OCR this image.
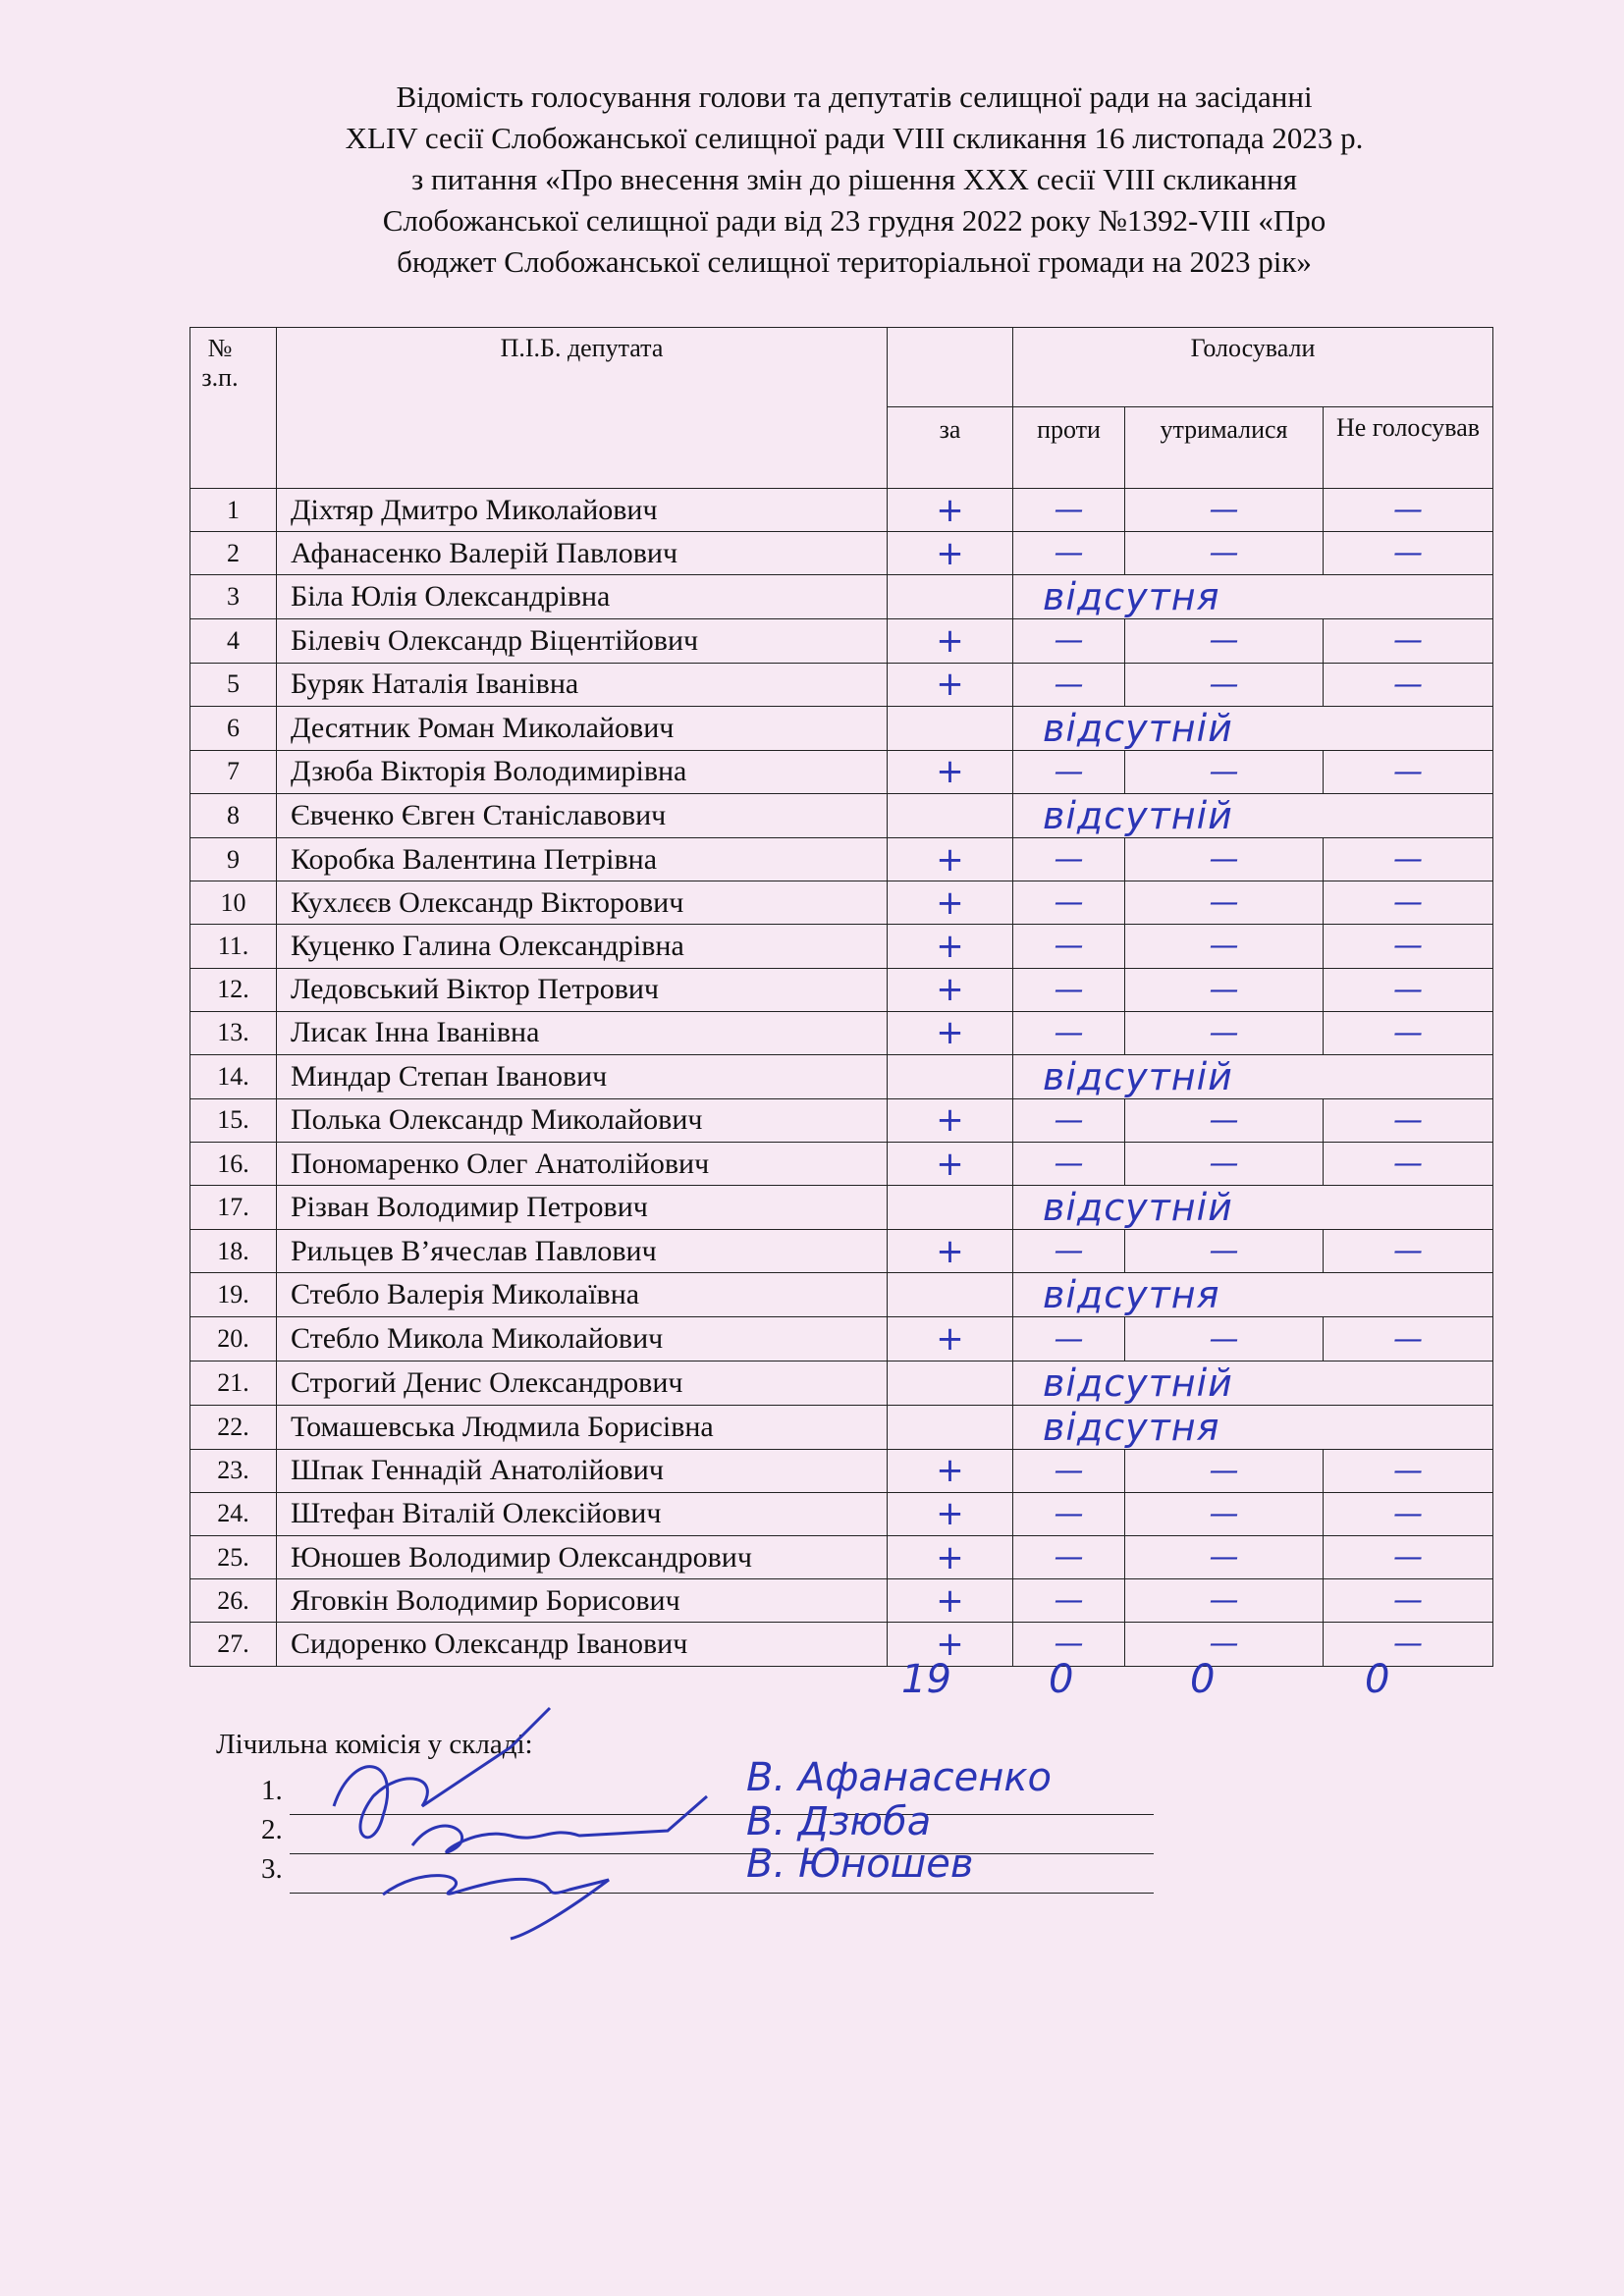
Відомість голосування голови та депутатів селищної ради на засіданні
XLIV сесії Слобожанської селищної ради VIII скликання 16 листопада 2023 р.
з питання «Про внесення змін до рішення XXX сесії VIII скликання
Слобожанської селищної ради від 23 грудня 2022 року №1392-VIII «Про
бюджет Слобожанської селищної територіальної громади на 2023 рік»
№ з.п.	П.І.Б. депутата		Голосували		
		за	проти	утрималися	Не голосував
1	Діхтяр Дмитро Миколайович	+	—	—	—
2	Афанасенко Валерій Павлович	+	—	—	—
3	Біла Юлія Олександрівна		відсутня		
4	Білевіч Олександр Віцентійович	+	—	—	—
5	Буряк Наталія Іванівна	+	—	—	—
6	Десятник Роман Миколайович		відсутній		
7	Дзюба Вікторія Володимирівна	+	—	—	—
8	Євченко Євген Станіславович		відсутній		
9	Коробка Валентина Петрівна	+	—	—	—
10	Кухлєєв Олександр Вікторович	+	—	—	—
11.	Куценко Галина Олександрівна	+	—	—	—
12.	Ледовський Віктор Петрович	+	—	—	—
13.	Лисак Інна Іванівна	+	—	—	—
14.	Миндар Степан Іванович		відсутній		
15.	Полька Олександр Миколайович	+	—	—	—
16.	Пономаренко Олег Анатолійович	+	—	—	—
17.	Різван Володимир Петрович		відсутній		
18.	Рильцев В’ячеслав Павлович	+	—	—	—
19.	Стебло Валерія Миколаївна		відсутня		
20.	Стебло Микола Миколайович	+	—	—	—
21.	Строгий Денис Олександрович		відсутній		
22.	Томашевська Людмила Борисівна		відсутня		
23.	Шпак Геннадій Анатолійович	+	—	—	—
24.	Штефан Віталій Олексійович	+	—	—	—
25.	Юношев Володимир Олександрович	+	—	—	—
26.	Яговкін Володимир Борисович	+	—	—	—
27.	Сидоренко Олександр Іванович	+	—	—	—
19 0	0	0
Лічильна комісія у складі:
1.	В. Афанасенко
2.	В. Дзюба
3.	В. Юношев
